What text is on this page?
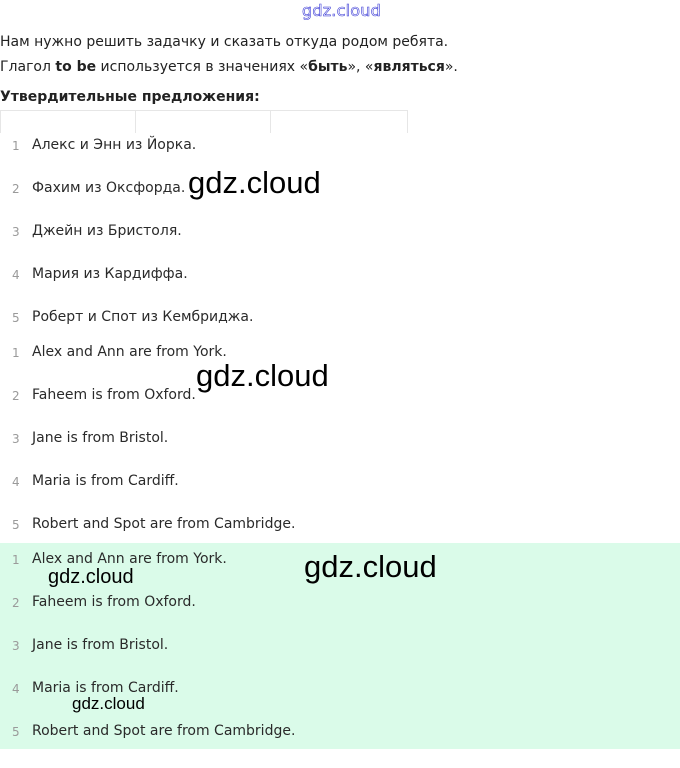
gdz.cloud
Нам нужно решить задачку и сказать откуда родом ребята.
Глагол to be используется в значениях «быть», «являться».
Утвердительные предложения:
1 Алекс и Энн из Йорка.
2 Фахим из Оксфорда.
3 Джейн из Бристоля.
4 Мария из Кардиффа.
5 Роберт и Спот из Кембриджа.
1 Alex and Ann are from York.
2 Faheem is from Oxford.
3 Jane is from Bristol.
4 Maria is from Cardiff.
5 Robert and Spot are from Cambridge.
1 Alex and Ann are from York.
2 Faheem is from Oxford.
3 Jane is from Bristol.
4 Maria is from Cardiff.
5 Robert and Spot are from Cambridge.
gdz.cloud
gdz.cloud
gdz.cloud
gdz.cloud
gdz.cloud
